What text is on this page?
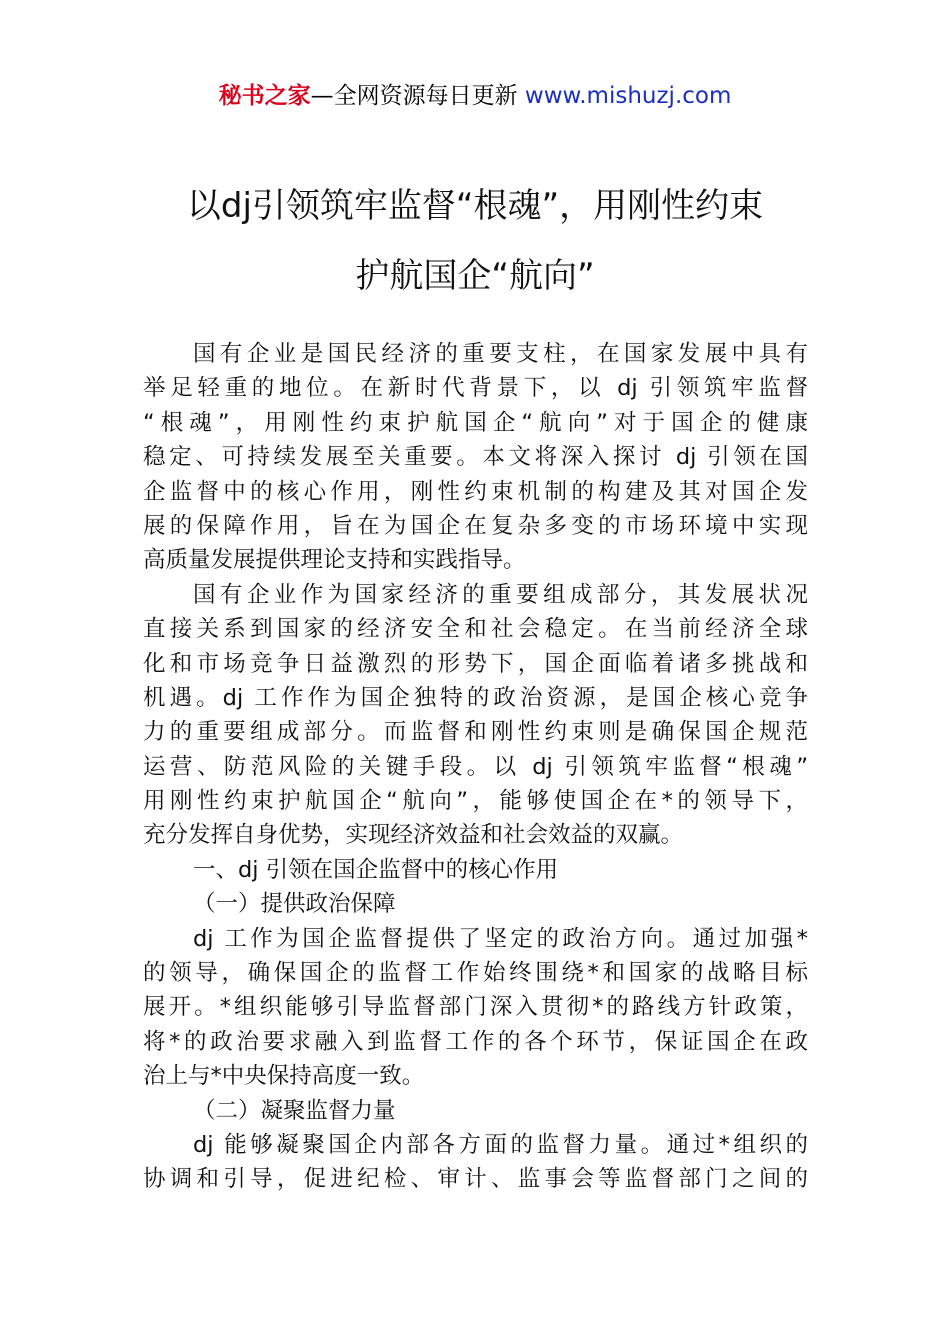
秘书之家—全网资源每日更新 www.mishuzj.com
以dj引领筑牢监督“根魂”，用刚性约束
护航国企“航向”
国有企业是国民经济的重要支柱，在国家发展中具有
举足轻重的地位。在新时代背景下，以 dj 引领筑牢监督
“根魂”，用刚性约束护航国企“航向”对于国企的健康
稳定、可持续发展至关重要。本文将深入探讨 dj 引领在国
企监督中的核心作用，刚性约束机制的构建及其对国企发
展的保障作用，旨在为国企在复杂多变的市场环境中实现
高质量发展提供理论支持和实践指导。
国有企业作为国家经济的重要组成部分，其发展状况
直接关系到国家的经济安全和社会稳定。在当前经济全球
化和市场竞争日益激烈的形势下，国企面临着诸多挑战和
机遇。dj 工作作为国企独特的政治资源，是国企核心竞争
力的重要组成部分。而监督和刚性约束则是确保国企规范
运营、防范风险的关键手段。以 dj 引领筑牢监督“根魂”
用刚性约束护航国企“航向”，能够使国企在*的领导下，
充分发挥自身优势，实现经济效益和社会效益的双赢。
一、dj 引领在国企监督中的核心作用
（一）提供政治保障
dj 工作为国企监督提供了坚定的政治方向。通过加强*
的领导，确保国企的监督工作始终围绕*和国家的战略目标
展开。*组织能够引导监督部门深入贯彻*的路线方针政策，
将*的政治要求融入到监督工作的各个环节，保证国企在政
治上与*中央保持高度一致。
（二）凝聚监督力量
dj 能够凝聚国企内部各方面的监督力量。通过*组织的
协调和引导，促进纪检、审计、监事会等监督部门之间的
